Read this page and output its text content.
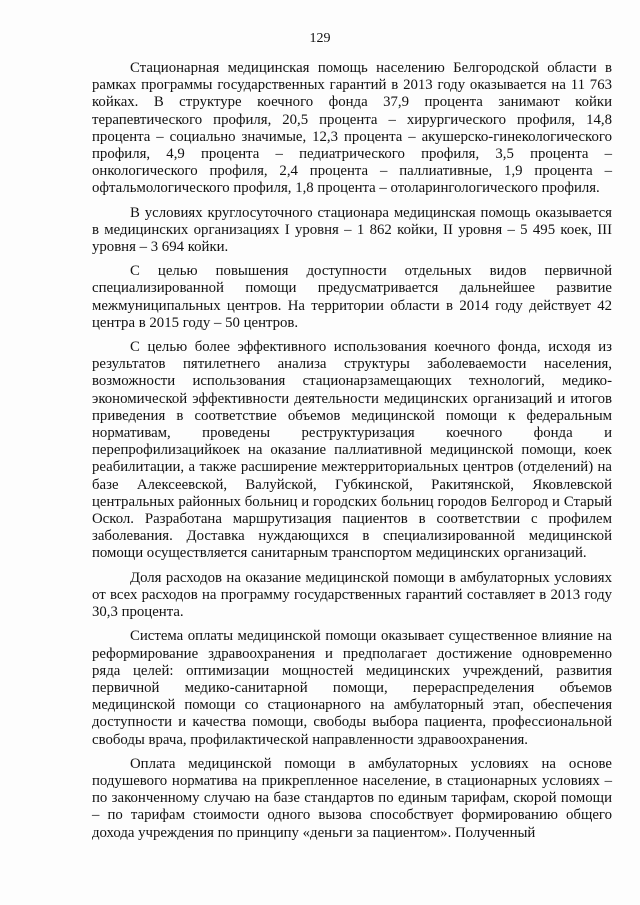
129

Стационарная медицинская помощь населению Белгородской области в рамках программы государственных гарантий в 2013 году оказывается на 11 763 койках. В структуре коечного фонда 37,9 процента занимают койки терапевтического профиля, 20,5 процента – хирургического профиля, 14,8 процента – социально значимые, 12,3 процента – акушерско-гинекологического профиля, 4,9 процента – педиатрического профиля, 3,5 процента – онкологического профиля, 2,4 процента – паллиативные, 1,9 процента – офтальмологического профиля, 1,8 процента – отоларингологического профиля.

В условиях круглосуточного стационара медицинская помощь оказывается в медицинских организациях I уровня – 1 862 койки, II уровня – 5 495 коек, III уровня – 3 694 койки.

С целью повышения доступности отдельных видов первичной специализированной помощи предусматривается дальнейшее развитие межмуниципальных центров. На территории области в 2014 году действует 42 центра в 2015 году – 50 центров.

С целью более эффективного использования коечного фонда, исходя из результатов пятилетнего анализа структуры заболеваемости населения, возможности использования стационарзамещающих технологий, медико-экономической эффективности деятельности медицинских организаций и итогов приведения в соответствие объемов медицинской помощи к федеральным нормативам, проведены реструктуризация коечного фонда и перепрофилизацийкоек на оказание паллиативной медицинской помощи, коек реабилитации, а также расширение межтерриториальных центров (отделений) на базе Алексеевской, Валуйской, Губкинской, Ракитянской, Яковлевской центральных районных больниц и городских больниц городов Белгород и Старый Оскол. Разработана маршрутизация пациентов в соответствии с профилем заболевания. Доставка нуждающихся в специализированной медицинской помощи осуществляется санитарным транспортом медицинских организаций.

Доля расходов на оказание медицинской помощи в амбулаторных условиях от всех расходов на программу государственных гарантий составляет в 2013 году 30,3 процента.

Система оплаты медицинской помощи оказывает существенное влияние на реформирование здравоохранения и предполагает достижение одновременно ряда целей: оптимизации мощностей медицинских учреждений, развития первичной медико-санитарной помощи, перераспределения объемов медицинской помощи со стационарного на амбулаторный этап, обеспечения доступности и качества помощи, свободы выбора пациента, профессиональной свободы врача, профилактической направленности здравоохранения.

Оплата медицинской помощи в амбулаторных условиях на основе подушевого норматива на прикрепленное население, в стационарных условиях – по законченному случаю на базе стандартов по единым тарифам, скорой помощи – по тарифам стоимости одного вызова способствует формированию общего дохода учреждения по принципу «деньги за пациентом». Полученный
